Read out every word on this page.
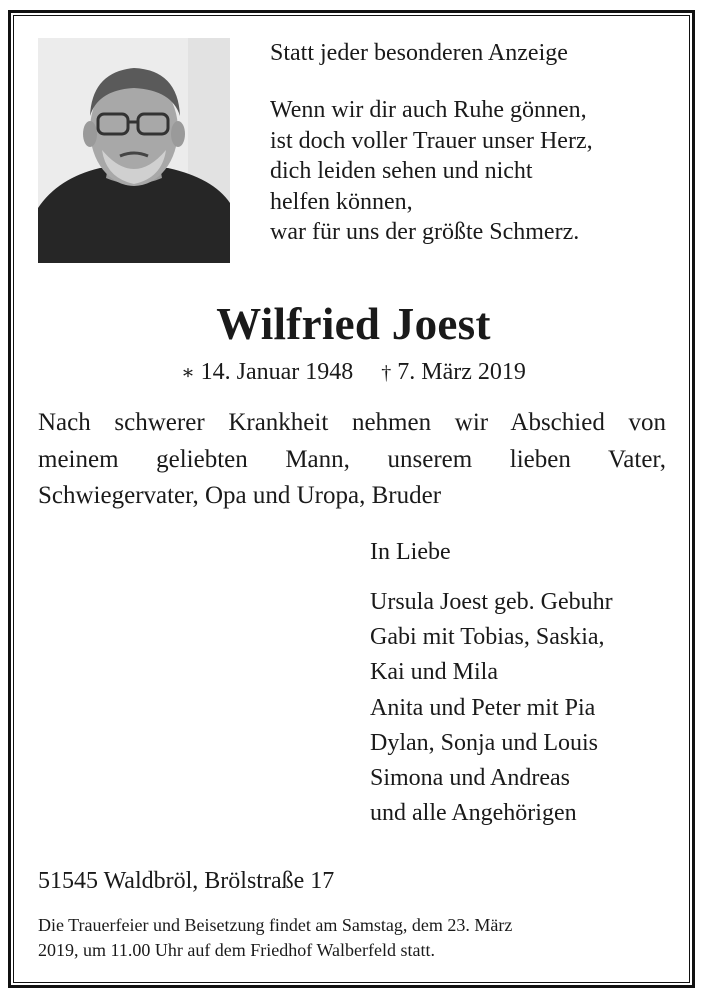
Statt jeder besonderen Anzeige
Wenn wir dir auch Ruhe gönnen,
ist doch voller Trauer unser Herz,
dich leiden sehen und nicht
helfen können,
war für uns der größte Schmerz.
Wilfried Joest
∗ 14. Januar 1948 † 7. März 2019
Nach schwerer Krankheit nehmen wir Abschied von
meinem geliebten Mann, unserem lieben Vater,
Schwiegervater, Opa und Uropa, Bruder
In Liebe
Ursula Joest geb. Gebuhr
Gabi mit Tobias, Saskia,
Kai und Mila
Anita und Peter mit Pia
Dylan, Sonja und Louis
Simona und Andreas
und alle Angehörigen
51545 Waldbröl, Brölstraße 17
Die Trauerfeier und Beisetzung findet am Samstag, dem 23. März
2019, um 11.00 Uhr auf dem Friedhof Walberfeld statt.
